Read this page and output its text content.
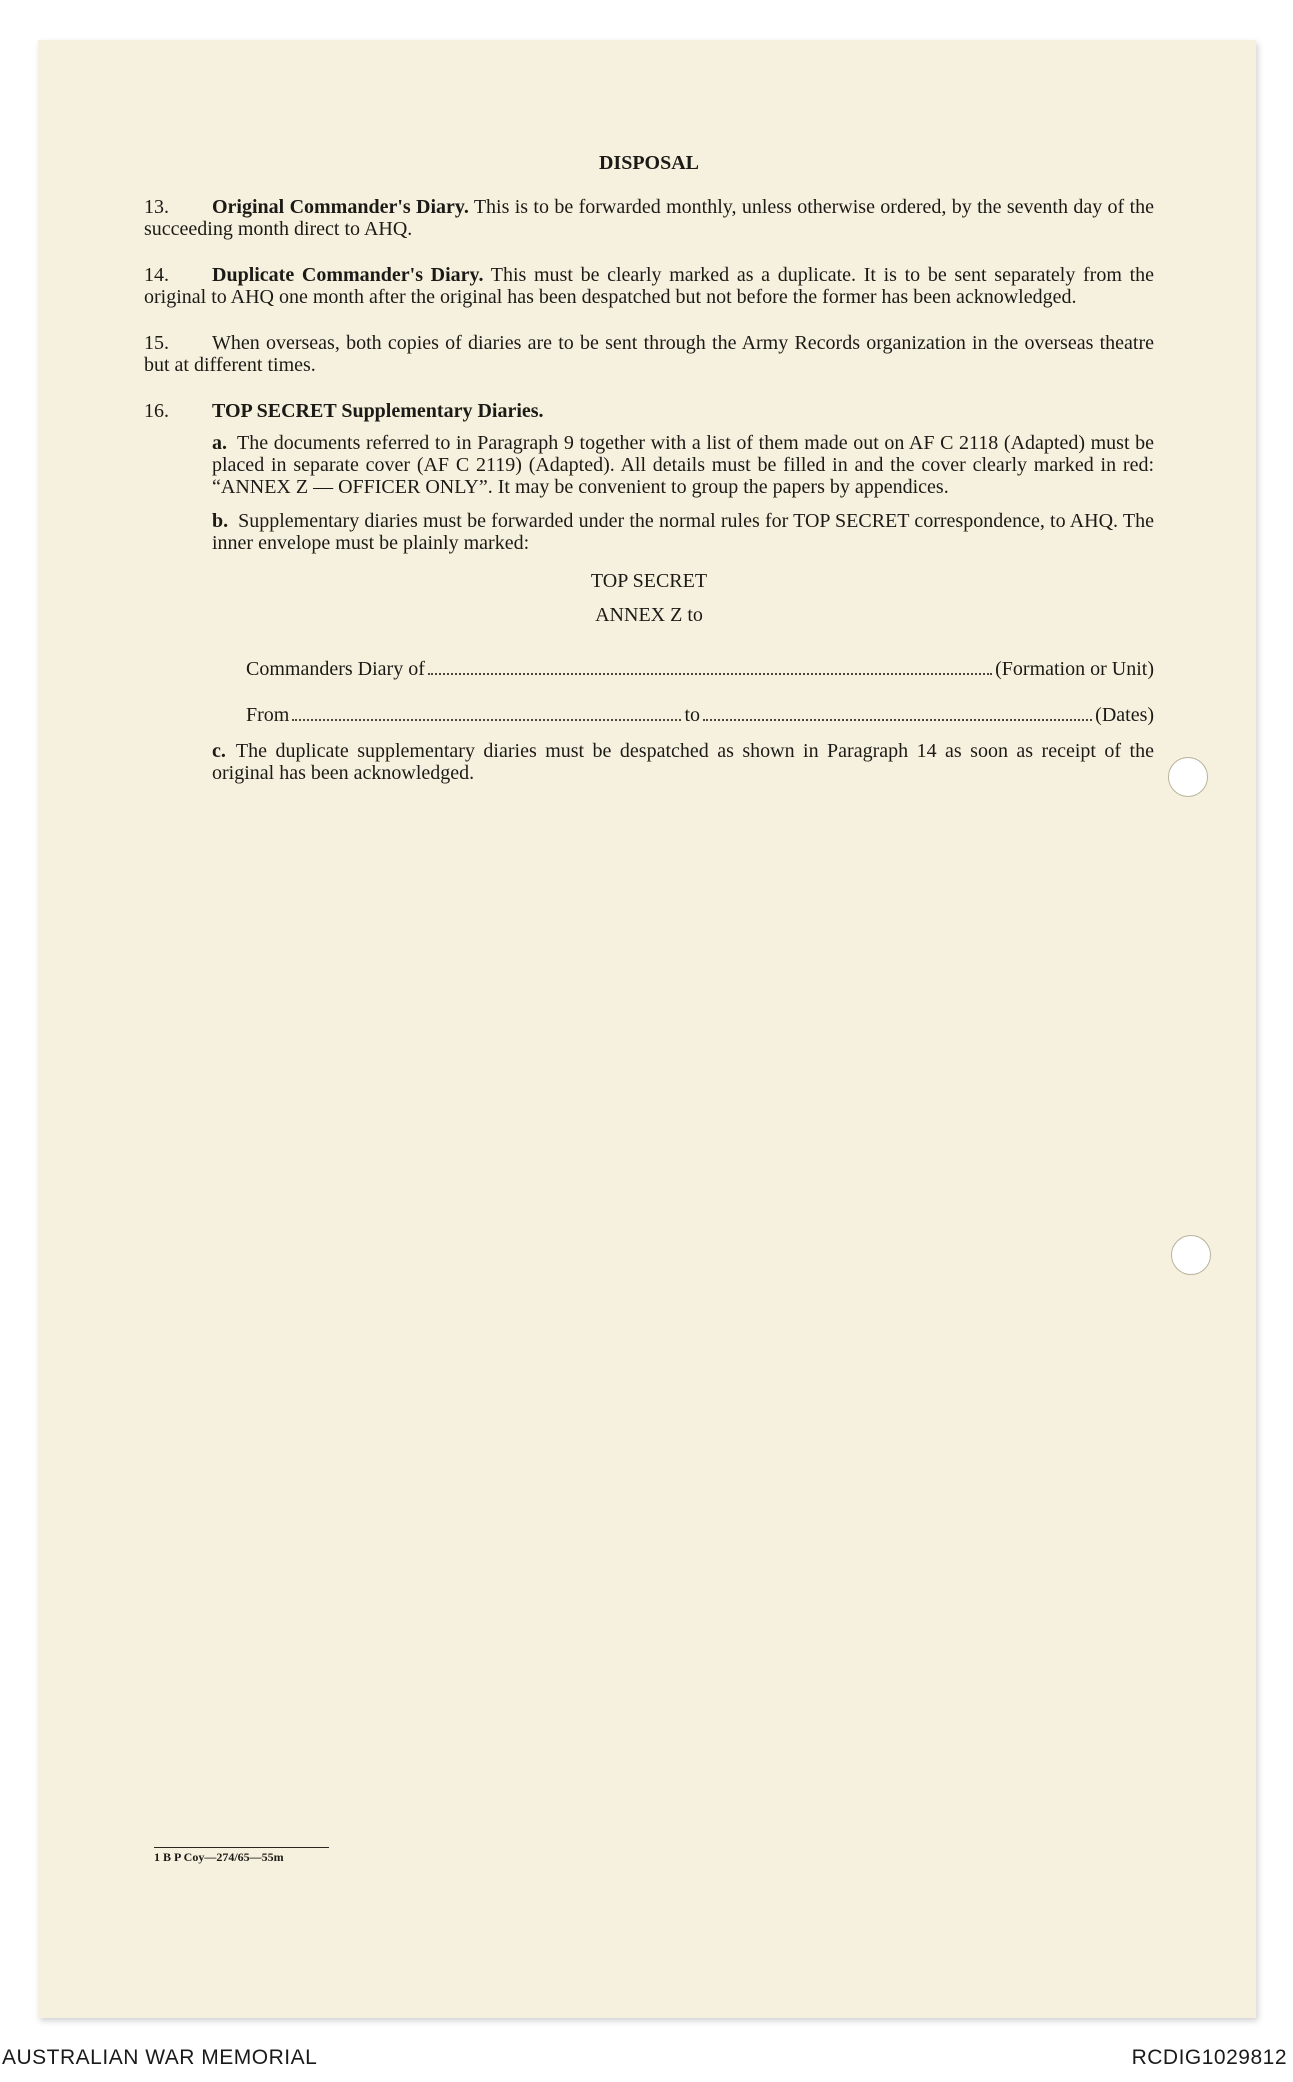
DISPOSAL
13. Original Commander's Diary. This is to be forwarded monthly, unless otherwise ordered, by the seventh day of the succeeding month direct to AHQ.
14. Duplicate Commander's Diary. This must be clearly marked as a duplicate. It is to be sent separately from the original to AHQ one month after the original has been despatched but not before the former has been acknowledged.
15. When overseas, both copies of diaries are to be sent through the Army Records organization in the overseas theatre but at different times.
16. TOP SECRET Supplementary Diaries.
a. The documents referred to in Paragraph 9 together with a list of them made out on AF C 2118 (Adapted) must be placed in separate cover (AF C 2119) (Adapted). All details must be filled in and the cover clearly marked in red: “ANNEX Z — OFFICER ONLY”. It may be convenient to group the papers by appendices.
b. Supplementary diaries must be forwarded under the normal rules for TOP SECRET correspondence, to AHQ. The inner envelope must be plainly marked:
TOP SECRET
ANNEX Z to
Commanders Diary of	(Formation or Unit)
From	to	(Dates)
c. The duplicate supplementary diaries must be despatched as shown in Paragraph 14 as soon as receipt of the original has been acknowledged.
1 B P Coy—274/65—55m
AUSTRALIAN WAR MEMORIAL	RCDIG1029812
